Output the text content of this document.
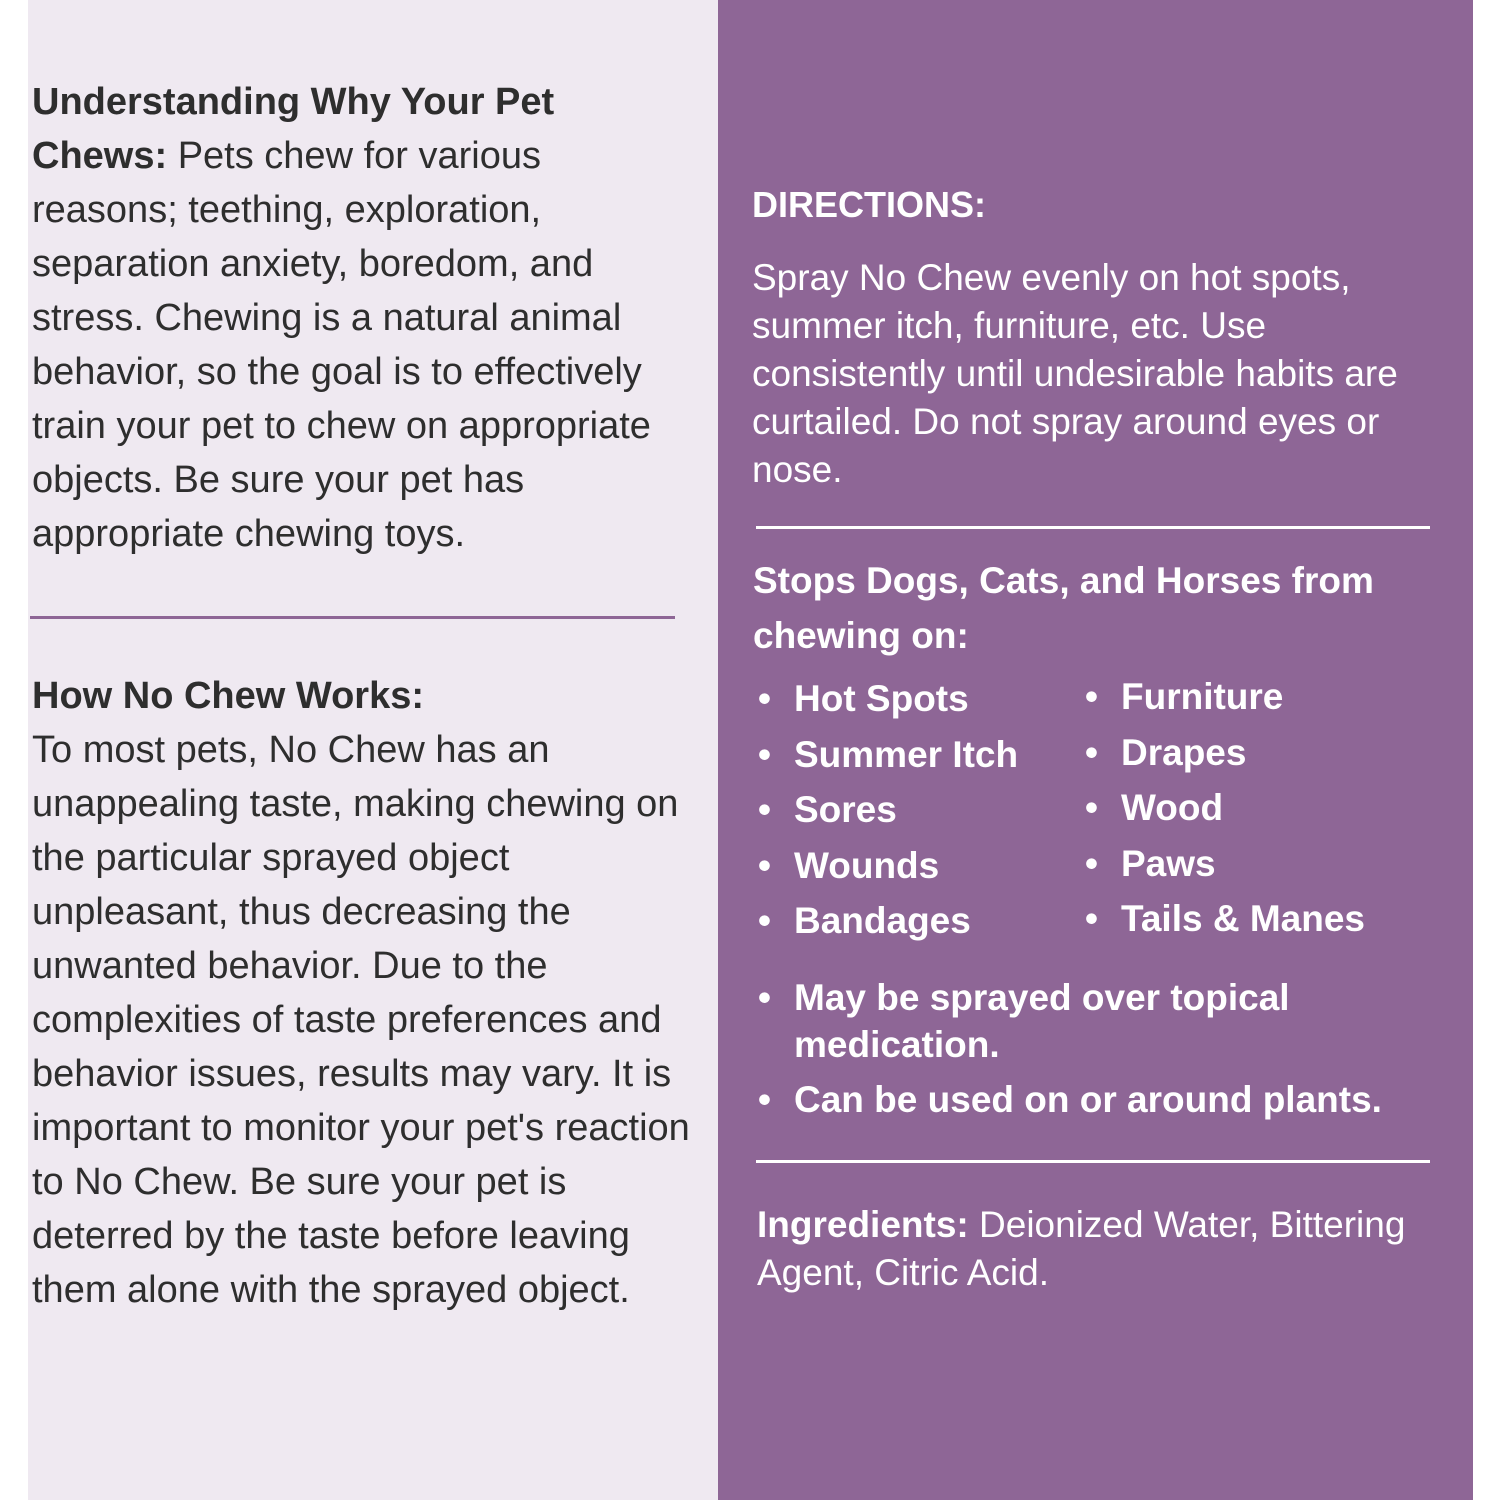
Understanding Why Your Pet Chews: Pets chew for various reasons; teething, exploration, separation anxiety, boredom, and stress. Chewing is a natural animal behavior, so the goal is to effectively train your pet to chew on appropriate objects. Be sure your pet has appropriate chewing toys.

How No Chew Works:
To most pets, No Chew has an unappealing taste, making chewing on the particular sprayed object unpleasant, thus decreasing the unwanted behavior. Due to the complexities of taste preferences and behavior issues, results may vary. It is important to monitor your pet's reaction to No Chew. Be sure your pet is deterred by the taste before leaving them alone with the sprayed object.

DIRECTIONS:

Spray No Chew evenly on hot spots, summer itch, furniture, etc. Use consistently until undesirable habits are curtailed. Do not spray around eyes or nose.

Stops Dogs, Cats, and Horses from chewing on:

• Hot Spots
• Summer Itch
• Sores
• Wounds
• Bandages
• Furniture
• Drapes
• Wood
• Paws
• Tails & Manes
• May be sprayed over topical medication.
• Can be used on or around plants.

Ingredients: Deionized Water, Bittering Agent, Citric Acid.
